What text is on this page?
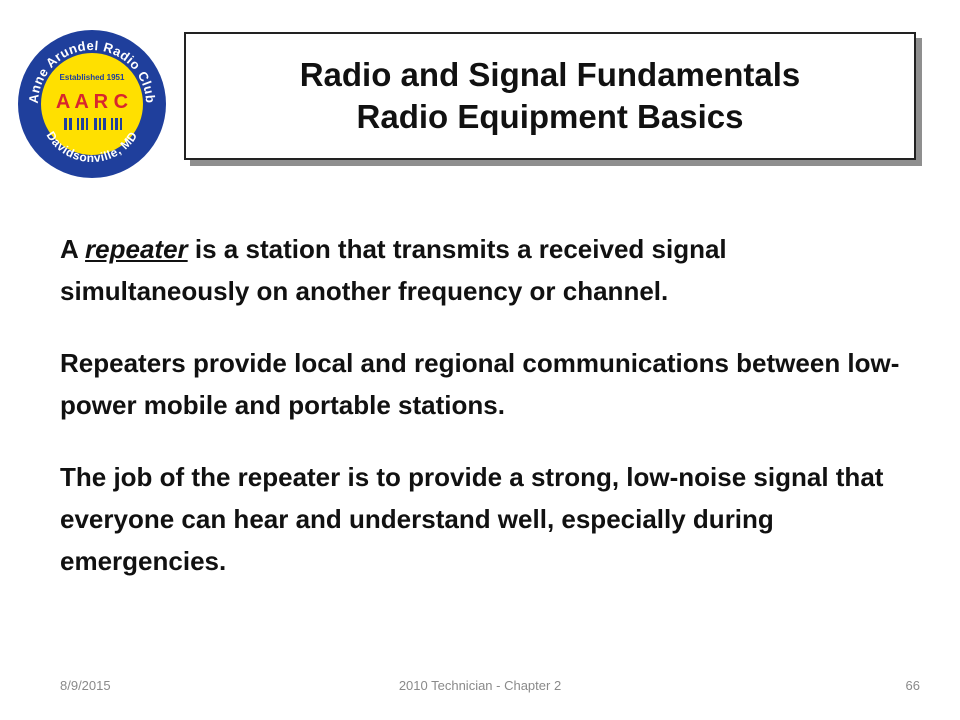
Anne Arundel Radio Club
Davidsonville, MD
Established 1951
A A R C
Radio and Signal Fundamentals
Radio Equipment Basics

A repeater is a station that transmits a received signal simultaneously on another frequency or channel.

Repeaters provide local and regional communications between low-power mobile and portable stations.

The job of the repeater is to provide a strong, low-noise signal that everyone can hear and understand well, especially during emergencies.

8/9/2015	2010 Technician - Chapter 2	66
